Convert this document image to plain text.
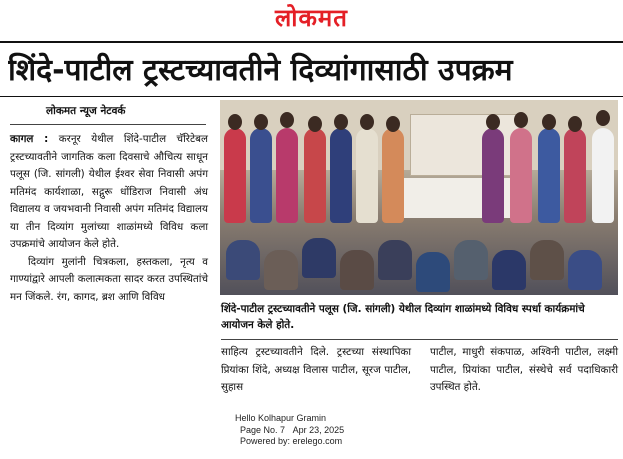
लोकमत
शिंदे-पाटील ट्रस्टच्यावतीने दिव्यांगासाठी उपक्रम
लोकमत न्यूज नेटवर्क

कागल : करनूर येथील शिंदे-पाटील चॅरिटेबल ट्रस्टच्यावतीने जागतिक कला दिवसाचे औचित्य साधून पलूस (जि. सांगली) येथील ईश्वर सेवा निवासी अपंग मतिमंद कार्यशाळा, सद्गुरू धोंडिराज निवासी अंध विद्यालय व जयभवानी निवासी अपंग मतिमंद विद्यालय या तीन दिव्यांग मुलांच्या शाळांमध्ये विविध कला उपक्रमांचे आयोजन केले होते.

दिव्यांग मुलांनी चित्रकला, हस्तकला, नृत्य व गाण्यांद्वारे आपली कलात्मकता सादर करत उपस्थितांचे मन जिंकले. रंग, कागद, ब्रश आणि विविध

शिंदे-पाटील ट्रस्टच्यावतीने पलूस (जि. सांगली) येथील दिव्यांग शाळांमध्ये विविध स्पर्धा कार्यक्रमांचे आयोजन केले होते.

साहित्य ट्रस्टच्यावतीने दिले. ट्रस्टच्या संस्थापिका प्रियांका शिंदे, अध्यक्ष विलास पाटील, सूरज पाटील, सुहास

पाटील, माधुरी संकपाळ, अश्विनी पाटील, लक्ष्मी पाटील, प्रियांका पाटील, संस्थेचे सर्व पदाधिकारी उपस्थित होते.

Hello Kolhapur Gramin
Page No. 7 Apr 23, 2025
Powered by: erelego.com
